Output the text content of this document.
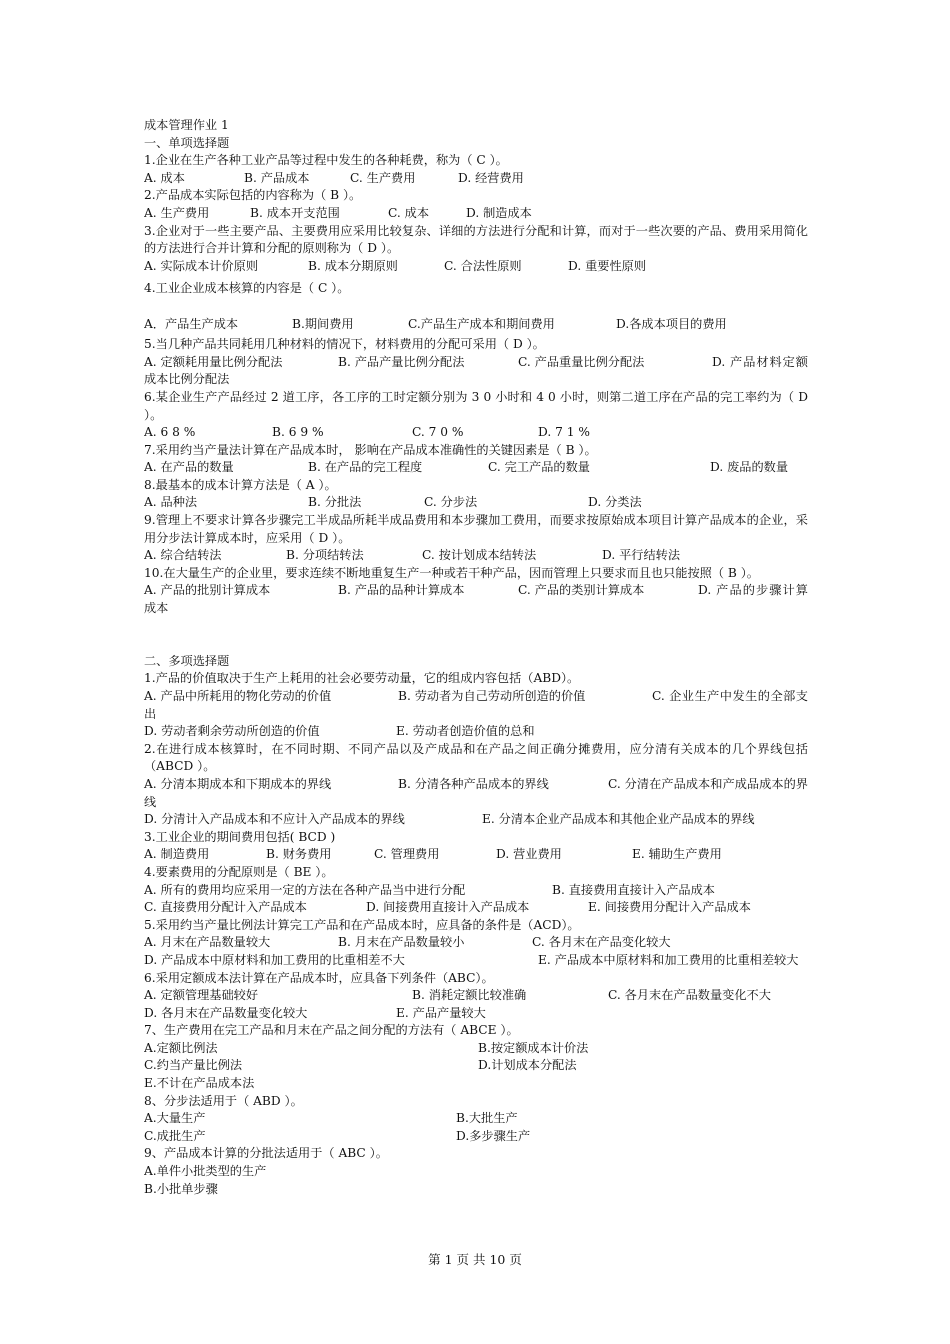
成本管理作业 1
一、单项选择题
1.企业在生产各种工业产品等过程中发生的各种耗费，称为（ C ）。
A. 成本	B. 产品成本	C. 生产费用	D. 经营费用
2.产品成本实际包括的内容称为（ B ）。
A. 生产费用	B. 成本开支范围	C. 成本	D. 制造成本
3.企业对于一些主要产品、主要费用应采用比较复杂、详细的方法进行分配和计算，而对于一些次要的产品、费用采用简化的方法进行合并计算和分配的原则称为（ D ）。
A. 实际成本计价原则	B. 成本分期原则	C. 合法性原则	D. 重要性原则
4.工业企业成本核算的内容是（ C ）。
A．产品生产成本	B.期间费用	C.产品生产成本和期间费用	D.各成本项目的费用
5.当几种产品共同耗用几种材料的情况下，材料费用的分配可采用（ D ）。
A. 定额耗用量比例分配法	B. 产品产量比例分配法	C. 产品重量比例分配法	D. 产品材料定额成本比例分配法
6.某企业生产产品经过 2 道工序，各工序的工时定额分别为 3 0 小时和 4 0 小时，则第二道工序在产品的完工率约为（ D ）。
A. 6 8 %	B. 6 9 %	C. 7 0 %	D. 7 1 %
7.采用约当产量法计算在产品成本时， 影响在产品成本准确性的关键因素是（ B ）。
A. 在产品的数量	B. 在产品的完工程度	C. 完工产品的数量	D. 废品的数量
8.最基本的成本计算方法是（ A ）。
A. 品种法	B. 分批法	C. 分步法	D. 分类法
9.管理上不要求计算各步骤完工半成品所耗半成品费用和本步骤加工费用，而要求按原始成本项目计算产品成本的企业，采用分步法计算成本时，应采用（ D ）。
A. 综合结转法	B. 分项结转法	C. 按计划成本结转法	D. 平行结转法
10.在大量生产的企业里，要求连续不断地重复生产一种或若干种产品，因而管理上只要求而且也只能按照（ B ）。
A. 产品的批别计算成本	B. 产品的品种计算成本	C. 产品的类别计算成本	D. 产品的步骤计算成本
二、多项选择题
1.产品的价值取决于生产上耗用的社会必要劳动量，它的组成内容包括（ABD）。
A. 产品中所耗用的物化劳动的价值	B. 劳动者为自己劳动所创造的价值	C. 企业生产中发生的全部支出
D. 劳动者剩余劳动所创造的价值	E. 劳动者创造价值的总和
2.在进行成本核算时，在不同时期、不同产品以及产成品和在产品之间正确分摊费用，应分清有关成本的几个界线包括（ABCD ）。
A. 分清本期成本和下期成本的界线	B. 分清各种产品成本的界线	C. 分清在产品成本和产成品成本的界线
D. 分清计入产品成本和不应计入产品成本的界线	E. 分清本企业产品成本和其他企业产品成本的界线
3.工业企业的期间费用包括( BCD )
A. 制造费用	B. 财务费用	C. 管理费用	D. 营业费用	E. 辅助生产费用
4.要素费用的分配原则是（ BE ）。
A. 所有的费用均应采用一定的方法在各种产品当中进行分配	B. 直接费用直接计入产品成本
C. 直接费用分配计入产品成本	D. 间接费用直接计入产品成本	E. 间接费用分配计入产品成本
5.采用约当产量比例法计算完工产品和在产品成本时，应具备的条件是（ACD）。
A. 月末在产品数量较大	B. 月末在产品数量较小	C. 各月末在产品变化较大
D. 产品成本中原材料和加工费用的比重相差不大	E. 产品成本中原材料和加工费用的比重相差较大
6.采用定额成本法计算在产品成本时，应具备下列条件（ABC）。
A. 定额管理基础较好	B. 消耗定额比较准确	C. 各月末在产品数量变化不大
D. 各月末在产品数量变化较大	E. 产品产量较大
7、生产费用在完工产品和月末在产品之间分配的方法有（ ABCE ）。
A.定额比例法	B.按定额成本计价法
C.约当产量比例法	D.计划成本分配法
E.不计在产品成本法
8、分步法适用于（ ABD ）。
A.大量生产	B.大批生产
C.成批生产	D.多步骤生产
9、产品成本计算的分批法适用于（ ABC ）。
A.单件小批类型的生产
B.小批单步骤
第 1 页 共 10 页
